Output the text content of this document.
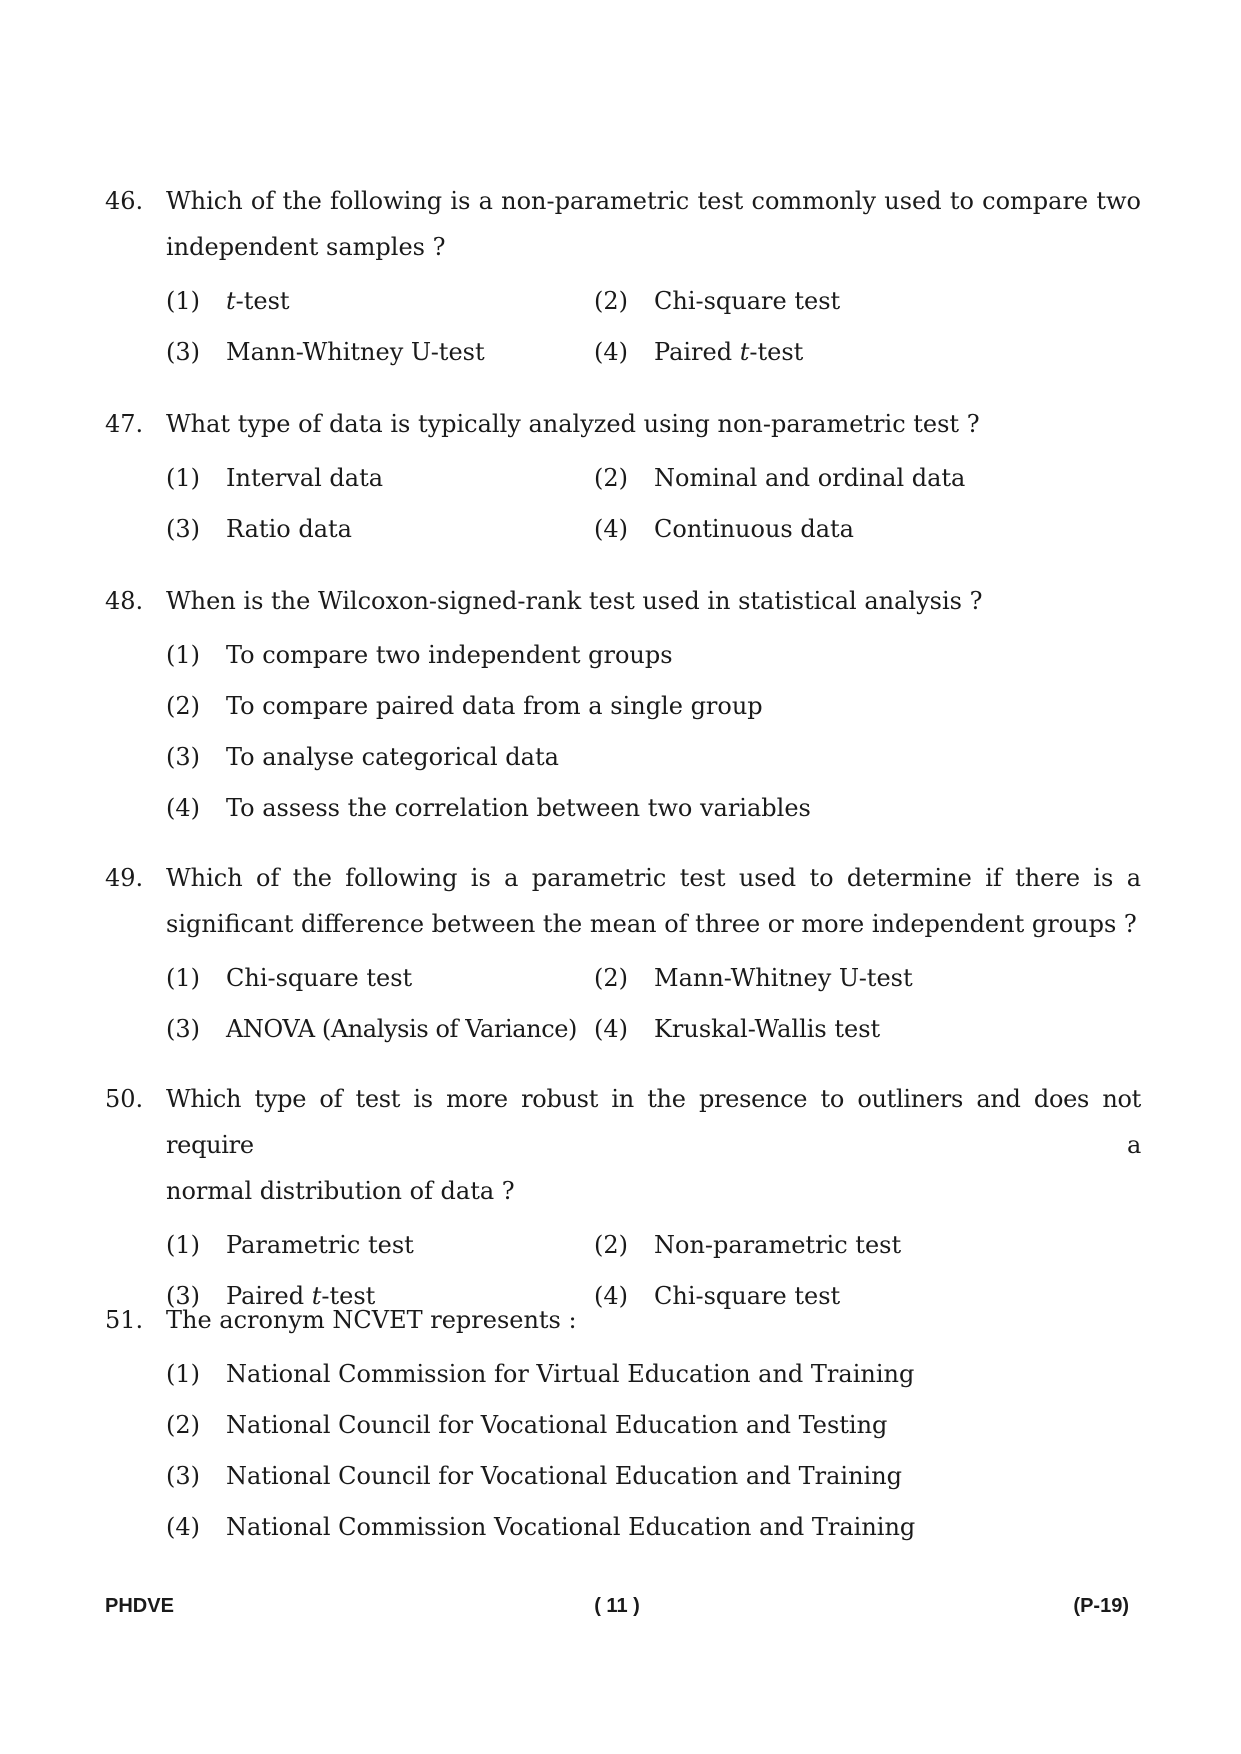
46. Which of the following is a non-parametric test commonly used to compare two
independent samples ?
(1)	t-test	(2)	Chi-square test
(3)	Mann-Whitney U-test	(4)	Paired t-test
47. What type of data is typically analyzed using non-parametric test ?
(1)	Interval data	(2)	Nominal and ordinal data
(3)	Ratio data	(4)	Continuous data
48. When is the Wilcoxon-signed-rank test used in statistical analysis ?
(1)	To compare two independent groups
(2)	To compare paired data from a single group
(3)	To analyse categorical data
(4)	To assess the correlation between two variables
49. Which of the following is a parametric test used to determine if there is a
significant difference between the mean of three or more independent groups ?
(1)	Chi-square test	(2)	Mann-Whitney U-test
(3)	ANOVA (Analysis of Variance) (4)	Kruskal-Wallis test
50. Which type of test is more robust in the presence to outliners and does not require a
normal distribution of data ?
(1)	Parametric test	(2)	Non-parametric test
(3)	Paired t-test	(4)	Chi-square test
51. The acronym NCVET represents :
(1)	National Commission for Virtual Education and Training
(2)	National Council for Vocational Education and Testing
(3)	National Council for Vocational Education and Training
(4)	National Commission Vocational Education and Training
PHDVE	( 11 )	(P-19)
